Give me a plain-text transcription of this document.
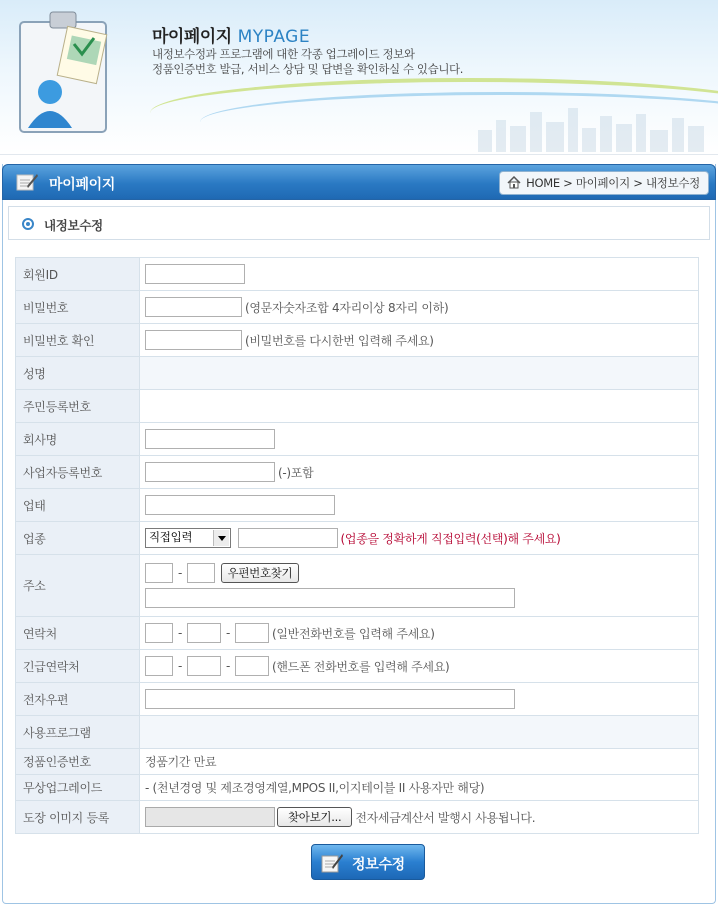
마이페이지 MYPAGE
내정보수정과 프로그램에 대한 각종 업그레이드 정보와
정품인증번호 발급, 서비스 상담 및 답변을 확인하실 수 있습니다.
마이페이지	HOME > 마이페이지 > 내정보수정
내정보수정
회원ID	
비밀번호	(영문자숫자조합 4자리이상 8자리 이하)
비밀번호 확인	(비밀번호를 다시한번 입력해 주세요)
성명	
주민등록번호	
회사명	
사업자등록번호	(-)포함
업태	
업종	직접입력 (업종을 정확하게 직접입력(선택)해 주세요)
주소	- 우편번호찾기

연락처	- - (일반전화번호를 입력해 주세요)
긴급연락처	- - (핸드폰 전화번호를 입력해 주세요)
전자우편	
사용프로그램	
정품인증번호	정품기간 만료
무상업그레이드	- (천년경영 및 제조경영계열,MPOS II,이지테이블 II 사용자만 해당)
도장 이미지 등록	찾아보기... 전자세금계산서 발행시 사용됩니다.
정보수정
